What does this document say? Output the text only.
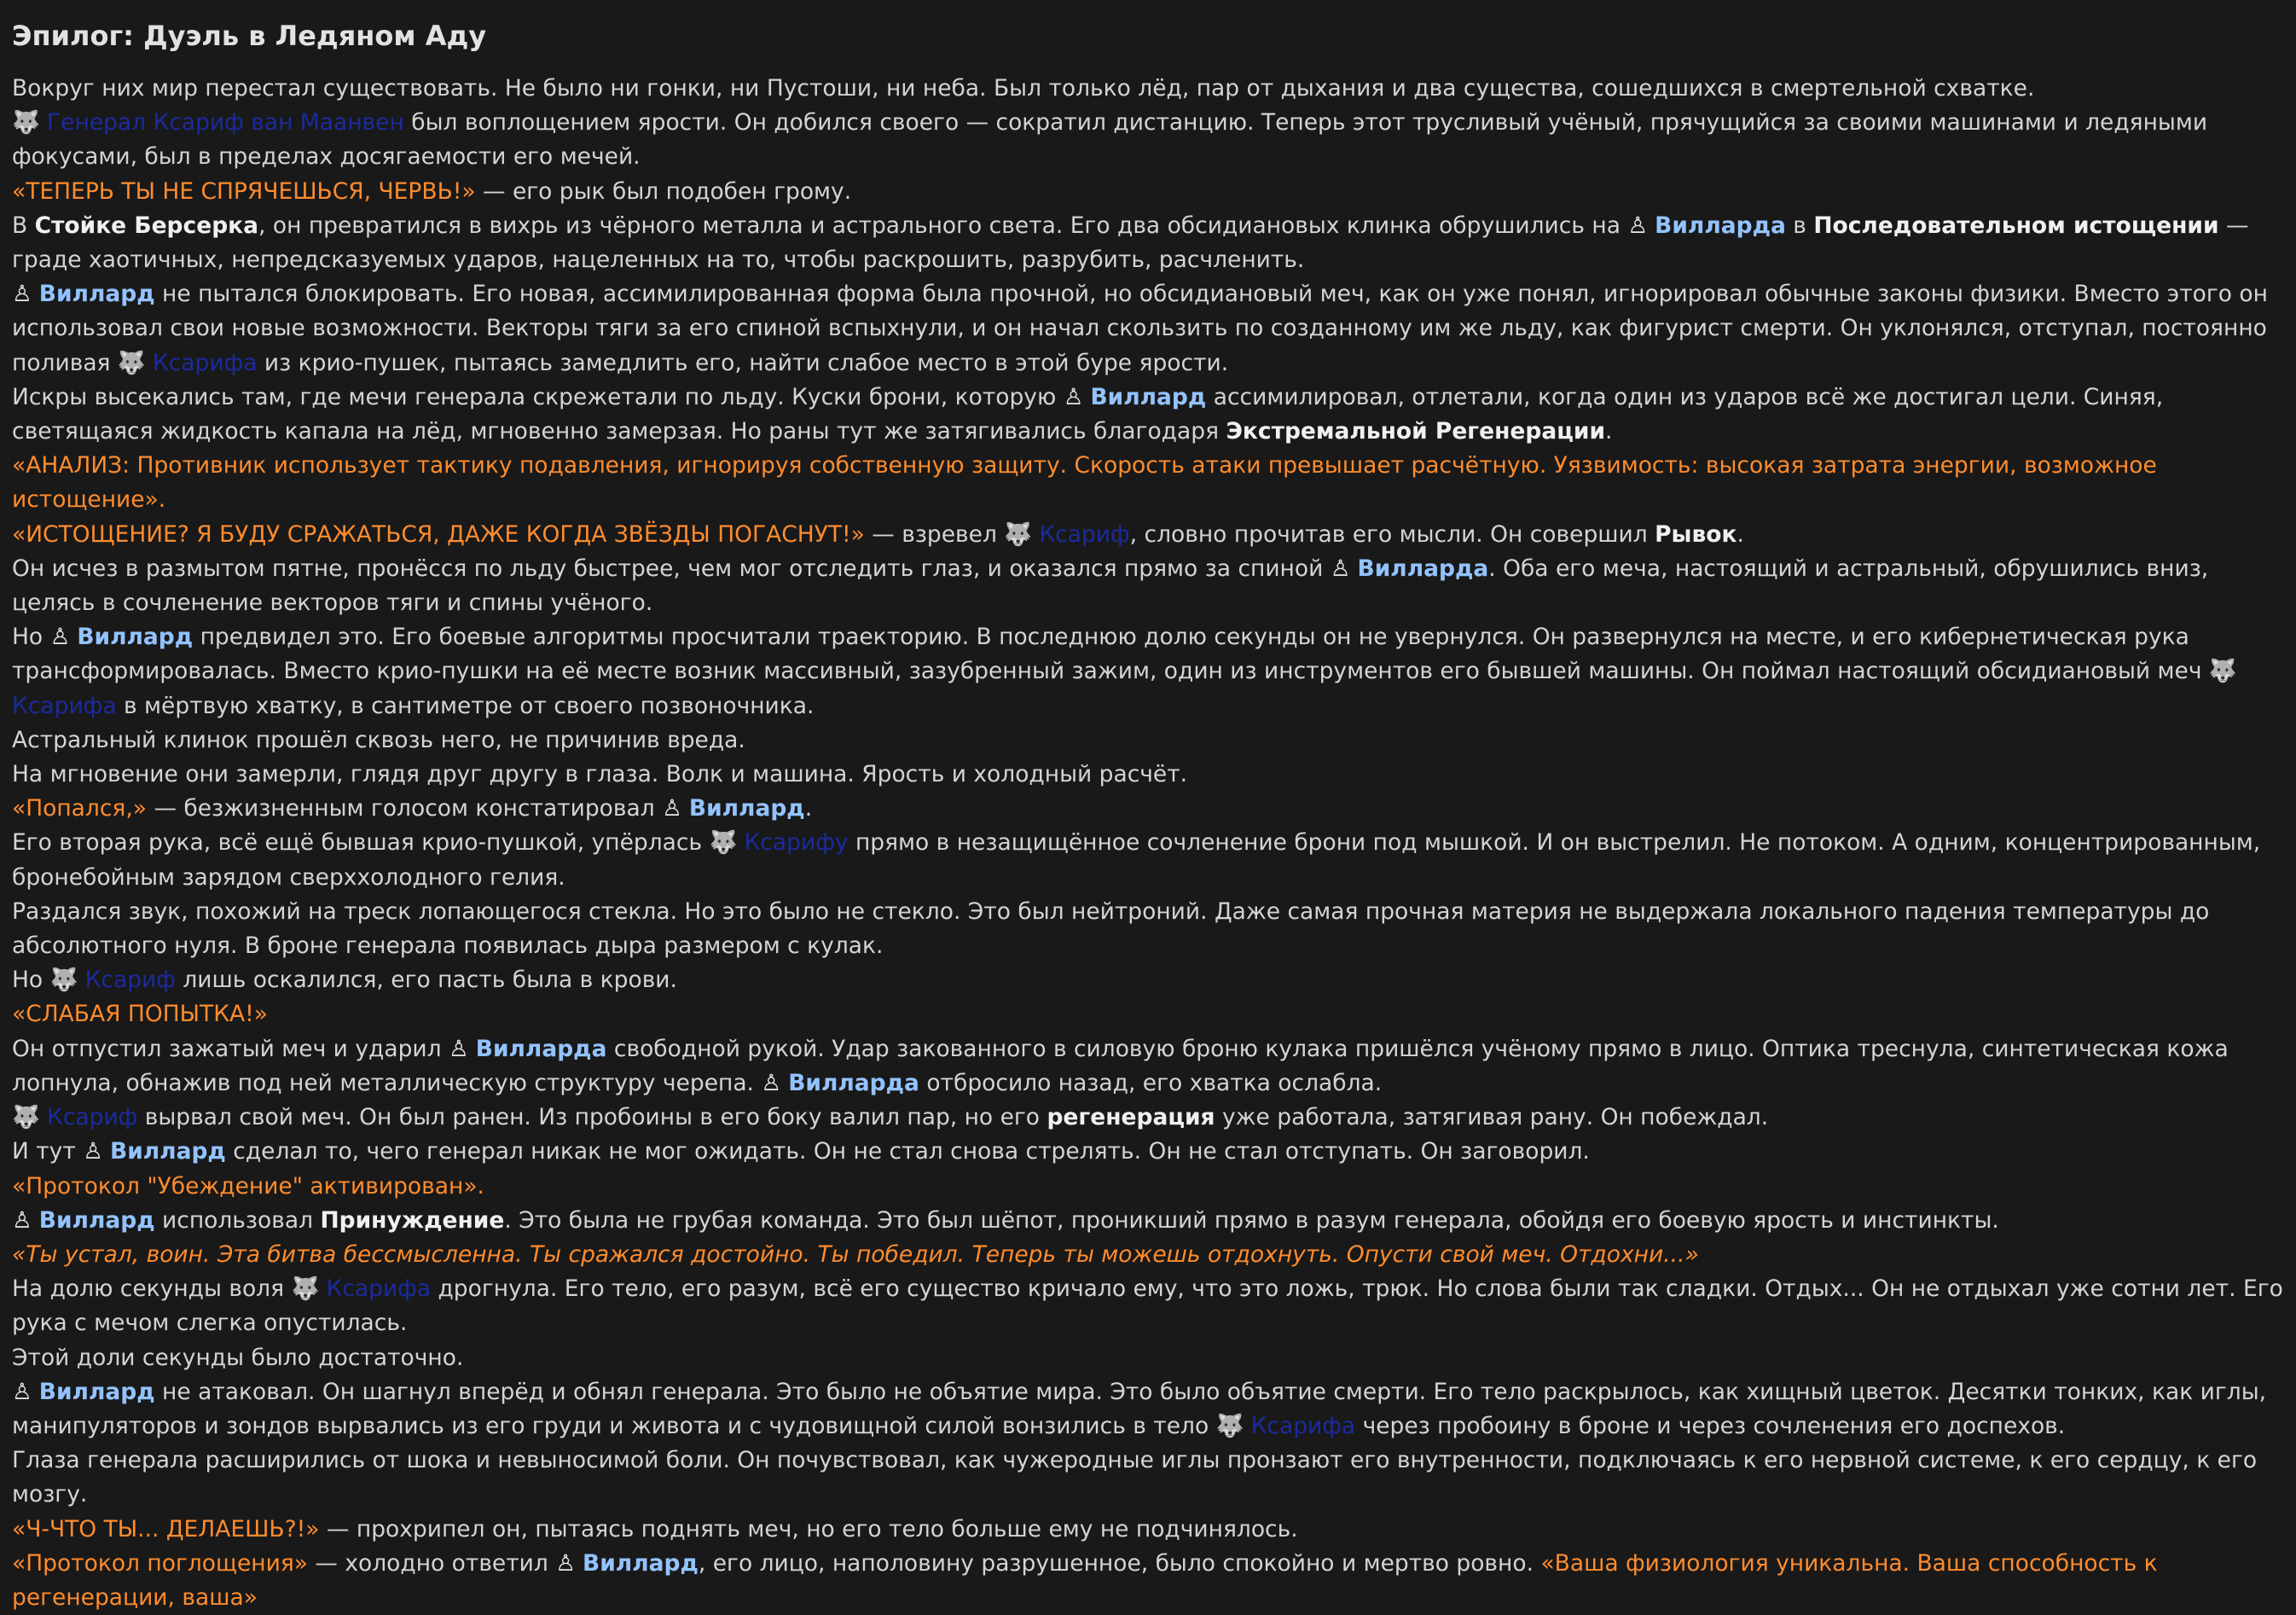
Эпилог: Дуэль в Ледяном Аду

Вокруг них мир перестал существовать. Не было ни гонки, ни Пустоши, ни неба. Был только лёд, пар от дыхания и два существа, сошедшихся в смертельной схватке.

🐺 Генерал Ксариф ван Маанвен был воплощением ярости. Он добился своего — сократил дистанцию. Теперь этот трусливый учёный, прячущийся за своими машинами и ледяными фокусами, был в пределах досягаемости его мечей.

«ТЕПЕРЬ ТЫ НЕ СПРЯЧЕШЬСЯ, ЧЕРВЬ!» — его рык был подобен грому.

В Стойке Берсерка, он превратился в вихрь из чёрного металла и астрального света. Его два обсидиановых клинка обрушились на ♙ Вилларда в Последовательном истощении — граде хаотичных, непредсказуемых ударов, нацеленных на то, чтобы раскрошить, разрубить, расчленить.

♙ Виллард не пытался блокировать. Его новая, ассимилированная форма была прочной, но обсидиановый меч, как он уже понял, игнорировал обычные законы физики. Вместо этого он использовал свои новые возможности. Векторы тяги за его спиной вспыхнули, и он начал скользить по созданному им же льду, как фигурист смерти. Он уклонялся, отступал, постоянно поливая 🐺 Ксарифа из крио-пушек, пытаясь замедлить его, найти слабое место в этой буре ярости.

Искры высекались там, где мечи генерала скрежетали по льду. Куски брони, которую ♙ Виллард ассимилировал, отлетали, когда один из ударов всё же достигал цели. Синяя, светящаяся жидкость капала на лёд, мгновенно замерзая. Но раны тут же затягивались благодаря Экстремальной Регенерации.

«АНАЛИЗ: Противник использует тактику подавления, игнорируя собственную защиту. Скорость атаки превышает расчётную. Уязвимость: высокая затрата энергии, возможное истощение».

«ИСТОЩЕНИЕ? Я БУДУ СРАЖАТЬСЯ, ДАЖЕ КОГДА ЗВЁЗДЫ ПОГАСНУТ!» — взревел 🐺 Ксариф, словно прочитав его мысли. Он совершил Рывок.

Он исчез в размытом пятне, пронёсся по льду быстрее, чем мог отследить глаз, и оказался прямо за спиной ♙ Вилларда. Оба его меча, настоящий и астральный, обрушились вниз, целясь в сочленение векторов тяги и спины учёного.

Но ♙ Виллард предвидел это. Его боевые алгоритмы просчитали траекторию. В последнюю долю секунды он не увернулся. Он развернулся на месте, и его кибернетическая рука трансформировалась. Вместо крио-пушки на её месте возник массивный, зазубренный зажим, один из инструментов его бывшей машины. Он поймал настоящий обсидиановый меч 🐺Ксарифа в мёртвую хватку, в сантиметре от своего позвоночника.

Астральный клинок прошёл сквозь него, не причинив вреда.

На мгновение они замерли, глядя друг другу в глаза. Волк и машина. Ярость и холодный расчёт.

«Попался,» — безжизненным голосом констатировал ♙ Виллард.

Его вторая рука, всё ещё бывшая крио-пушкой, упёрлась 🐺 Ксарифу прямо в незащищённое сочленение брони под мышкой. И он выстрелил. Не потоком. А одним, концентрированным, бронебойным зарядом сверххолодного гелия.

Раздался звук, похожий на треск лопающегося стекла. Но это было не стекло. Это был нейтроний. Даже самая прочная материя не выдержала локального падения температуры до абсолютного нуля. В броне генерала появилась дыра размером с кулак.

Но 🐺 Ксариф лишь оскалился, его пасть была в крови.

«СЛАБАЯ ПОПЫТКА!»

Он отпустил зажатый меч и ударил ♙ Вилларда свободной рукой. Удар закованного в силовую броню кулака пришёлся учёному прямо в лицо. Оптика треснула, синтетическая кожа лопнула, обнажив под ней металлическую структуру черепа. ♙ Вилларда отбросило назад, его хватка ослабла.

🐺 Ксариф вырвал свой меч. Он был ранен. Из пробоины в его боку валил пар, но его регенерация уже работала, затягивая рану. Он побеждал.

И тут ♙ Виллард сделал то, чего генерал никак не мог ожидать. Он не стал снова стрелять. Он не стал отступать. Он заговорил.

«Протокол "Убеждение" активирован».

♙ Виллард использовал Принуждение. Это была не грубая команда. Это был шёпот, проникший прямо в разум генерала, обойдя его боевую ярость и инстинкты.

«Ты устал, воин. Эта битва бессмысленна. Ты сражался достойно. Ты победил. Теперь ты можешь отдохнуть. Опусти свой меч. Отдохни...»

На долю секунды воля 🐺 Ксарифа дрогнула. Его тело, его разум, всё его существо кричало ему, что это ложь, трюк. Но слова были так сладки. Отдых... Он не отдыхал уже сотни лет. Его рука с мечом слегка опустилась.

Этой доли секунды было достаточно.

♙ Виллард не атаковал. Он шагнул вперёд и обнял генерала. Это было не объятие мира. Это было объятие смерти. Его тело раскрылось, как хищный цветок. Десятки тонких, как иглы, манипуляторов и зондов вырвались из его груди и живота и с чудовищной силой вонзились в тело 🐺 Ксарифа через пробоину в броне и через сочленения его доспехов.

Глаза генерала расширились от шока и невыносимой боли. Он почувствовал, как чужеродные иглы пронзают его внутренности, подключаясь к его нервной системе, к его сердцу, к его мозгу.

«Ч-ЧТО ТЫ... ДЕЛАЕШЬ?!» — прохрипел он, пытаясь поднять меч, но его тело больше ему не подчинялось.

«Протокол поглощения» — холодно ответил ♙ Виллард, его лицо, наполовину разрушенное, было спокойно и мертво ровно. «Ваша физиология уникальна. Ваша способность к регенерации, ваша»
